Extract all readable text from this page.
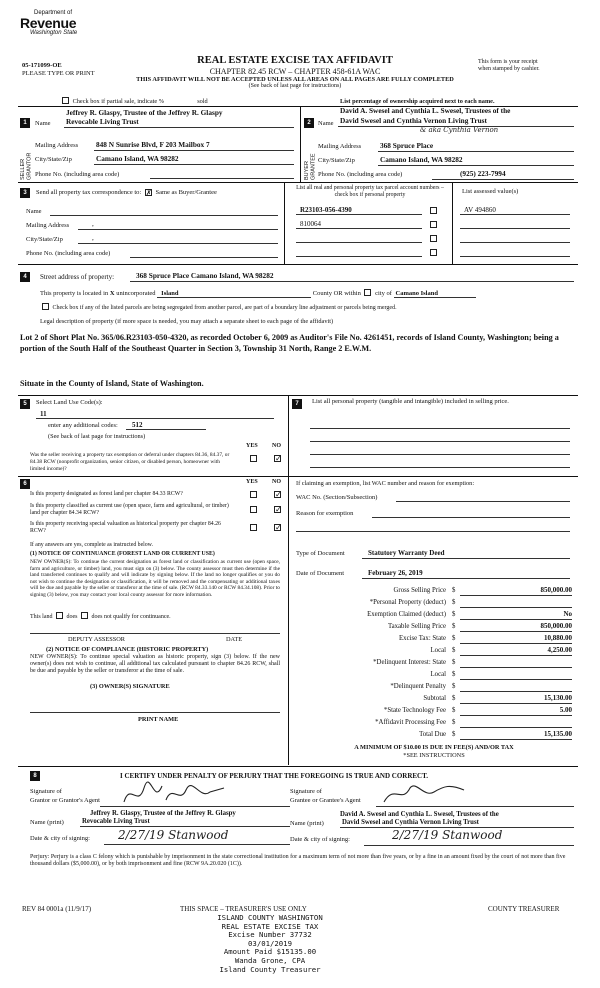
Department of
Revenue
Washington State
05-171099-OE
PLEASE TYPE OR PRINT
REAL ESTATE EXCISE TAX AFFIDAVIT
CHAPTER 82.45 RCW – CHAPTER 458-61A WAC
THIS AFFIDAVIT WILL NOT BE ACCEPTED UNLESS ALL AREAS ON ALL PAGES ARE FULLY COMPLETED
(See back of last page for instructions)
This form is your receipt
when stamped by cashier.
Check box if partial sale, indicate %	sold	List percentage of ownership acquired next to each name.
1
SELLER GRANTOR
Jeffrey R. Glaspy, Trustee of the Jeffrey R. Glaspy
Name Revocable Living Trust
Mailing Address 848 N Sunrise Blvd, F 203 Mailbox 7
City/State/Zip	Camano Island, WA 98282
Phone No. (including area code)
2
BUYER GRANTEE
David A. Swesel and Cynthia L. Swesel, Trustees of the
Name David Swesel and Cynthia Vernon Living Trust
& aka Cynthia Vernon
Mailing Address	368 Spruce Place
City/State/Zip	Camano Island, WA 98282
Phone No. (including area code)	(925) 223-7994
3	Send all property tax correspondence to: ✗ Same as Buyer/Grantee
Name
Mailing Address	,
City/State/Zip	,
Phone No. (including area code)
List all real and personal property tax parcel account numbers – check box if personal property	List assessed value(s)
R23103-056-4390	AV 494860
810064
4	Street address of property:	368 Spruce Place Camano Island, WA 98282
This property is located in X unincorporated Island	County OR within city of Camano Island
Check box if any of the listed parcels are being segregated from another parcel, are part of a boundary line adjustment or parcels being merged.
Legal description of property (if more space is needed, you may attach a separate sheet to each page of the affidavit)
Lot 2 of Short Plat No. 365/06.R23103-050-4320, as recorded October 6, 2009 as Auditor's File No. 4261451, records of Island County, Washington; being a portion of the South Half of the Southeast Quarter in Section 3, Township 31 North, Range 2 E.W.M.
Situate in the County of Island, State of Washington.
5	Select Land Use Code(s):
11
enter any additional codes: 512
(See back of last page for instructions)
YES NO
Was the seller receiving a property tax exemption or deferral under chapters 84.36, 84.37, or 84.38 RCW (nonprofit organization, senior citizen, or disabled person, homeowner with limited income)?
✓
7	List all personal property (tangible and intangible) included in selling price.
6	YES NO
Is this property designated as forest land per chapter 84.33 RCW?	✓
Is this property classified as current use (open space, farm and agricultural, or timber) land per chapter 84.34 RCW?	✓
Is this property receiving special valuation as historical property per chapter 84.26 RCW?	✓
If any answers are yes, complete as instructed below.
(1) NOTICE OF CONTINUANCE (FOREST LAND OR CURRENT USE)
NEW OWNER(S): To continue the current designation as forest land or classification as current use (open space, farm and agriculture, or timber) land, you must sign on (3) below. The county assessor must then determine if the land transferred continues to qualify and will indicate by signing below. If the land no longer qualifies or you do not wish to continue the designation or classification, it will be removed and the compensating or additional taxes will be due and payable by the seller or transferor at the time of sale. (RCW 84.33.140 or RCW 84.34.108). Prior to signing (3) below, you may contact your local county assessor for more information.
This land does does not qualify for continuance.
DEPUTY ASSESSOR	DATE
(2) NOTICE OF COMPLIANCE (HISTORIC PROPERTY)
NEW OWNER(S): To continue special valuation as historic property, sign (3) below. If the new owner(s) does not wish to continue, all additional tax calculated pursuant to chapter 84.26 RCW, shall be due and payable by the seller or transferor at the time of sale.
(3) OWNER(S) SIGNATURE
PRINT NAME
If claiming an exemption, list WAC number and reason for exemption:
WAC No. (Section/Subsection)
Reason for exemption
Type of Document	Statutory Warranty Deed
Date of Document	February 26, 2019
Gross Selling Price $	850,000.00
*Personal Property (deduct) $
Exemption Claimed (deduct) $	No
Taxable Selling Price $	850,000.00
Excise Tax: State $	10,880.00
Local $	4,250.00
*Delinquent Interest: State $
Local $
*Delinquent Penalty $
Subtotal $	15,130.00
*State Technology Fee $	5.00
*Affidavit Processing Fee $
Total Due $	15,135.00
A MINIMUM OF $10.00 IS DUE IN FEE(S) AND/OR TAX
*SEE INSTRUCTIONS
8	I CERTIFY UNDER PENALTY OF PERJURY THAT THE FOREGOING IS TRUE AND CORRECT.
Signature of
Grantor or Grantor's Agent
Jeffrey R. Glaspy, Trustee of the Jeffrey R. Glaspy
Name (print)	Revocable Living Trust
Date & city of signing: 2/27/19 Stanwood
Signature of
Grantee or Grantee's Agent
David A. Swesel and Cynthia L. Swesel, Trustees of the
Name (print)	David Swesel and Cynthia Vernon Living Trust
Date & city of signing:	2/27/19 Stanwood
Perjury: Perjury is a class C felony which is punishable by imprisonment in the state correctional institution for a maximum term of not more than five years, or by a fine in an amount fixed by the court of not more than five thousand dollars ($5,000.00), or by both imprisonment and fine (RCW 9A.20.020 (1C)).
REV 84 0001a (11/9/17)	THIS SPACE – TREASURER'S USE ONLY	COUNTY TREASURER
ISLAND COUNTY WASHINGTON
REAL ESTATE EXCISE TAX
Excise Number 37732
03/01/2019
Amount Paid $15135.00
Wanda Grone, CPA
Island County Treasurer
